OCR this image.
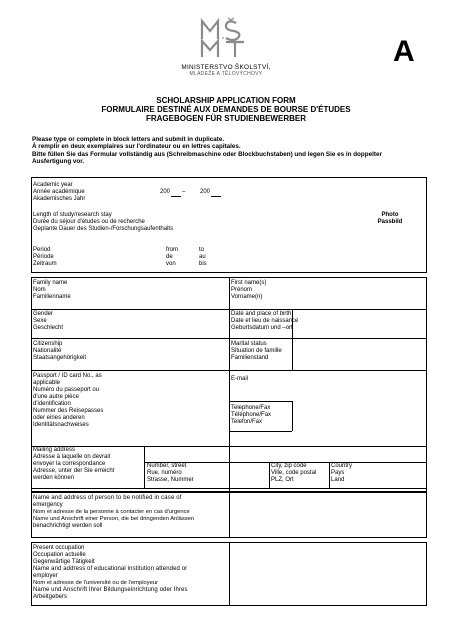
MINISTERSTVO ŠKOLSTVÍ,
MLÁDEŽE A TĚLOVÝCHOVY
A
SCHOLARSHIP APPLICATION FORM
FORMULAIRE DESTINÉ AUX DEMANDES DE BOURSE D'ÉTUDES
FRAGEBOGEN FÜR STUDIENBEWERBER
Please type or complete in block letters and submit in duplicate.
À remplir en deux exemplaires sur l'ordinateur ou en lettres capitales.
Bitte füllen Sie das Formular vollständig aus (Schreibmaschine oder Blockbuchstaben) und legen Sie es in doppelter
Ausfertigung vor.
Academic year
Année académique
Akademisches Jahr
200 – 200
Length of study/research stay
Durée du séjour d'études ou de recherche
Geplante Dauer des Studien-/Forschungsaufenthalts
Photo
Passbild
Period
Période
Zeitraum
from
de
von
to
au
bis
Family name
Nom
Familienname
First name(s)
Prénom
Vorname(n)
Gender
Sexe
Geschlecht
Date and place of birth
Date et lieu de naissance
Geburtsdatum und –ort
Citizenship
Nationalité
Staatsangehörigkeit
Marital status
Situation de famille
Familienstand
Passport / ID card No., as
applicable
Numéro du passeport ou
d'une autre pièce
d'identification
Nummer des Reisepasses
oder eines anderen
Identitätsnachweises
E-mail
Telephone/Fax
Téléphone/Fax
Telefon/Fax
Mailing address
Adresse à laquelle on devrait
envoyer la correspondance
Adresse, unter der Sie erreicht
werden können
Number, street
Rue, numéro
Strasse, Nummer
City, zip code
Ville, code postal
PLZ, Ort
Country
Pays
Land
Name and address of person to be notified in case of
emergency
Nom et adresse de la personne à contacter en cas d'urgence
Name und Anschrift einer Person, die bei dringenden Anlässen
benachrichtigt werden soll
Present occupation
Occupation actuelle
Gegenwärtige Tätigkeit
Name and address of educational institution attended or
employer
Nom et adresse de l'université ou de l'employeur
Name und Anschrift Ihrer Bildungseinrichtung oder Ihres
Arbeitgebers
